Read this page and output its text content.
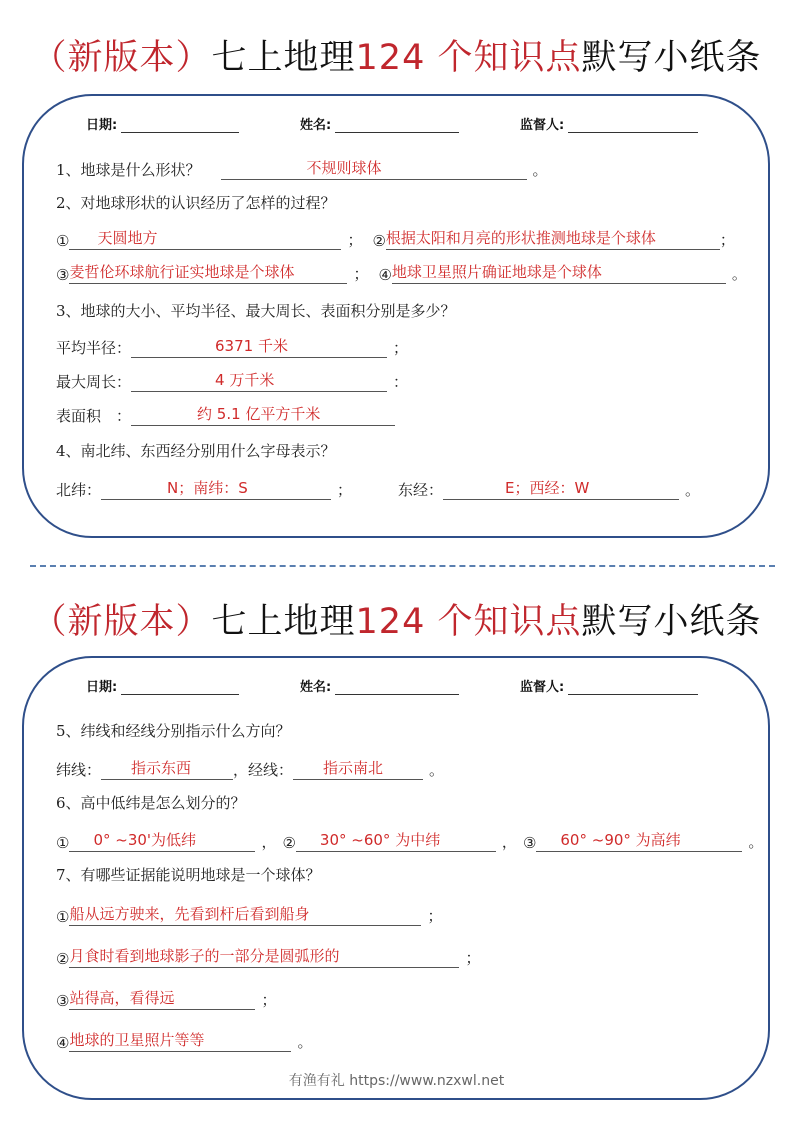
（新版本）七上地理124 个知识点默写小纸条
日期:	姓名:	监督人:
1、地球是什么形状？	不规则球体	。
2、对地球形状的认识经历了怎样的过程？
①	天圆地方	； ② 根据太阳和月亮的形状推测地球是个球体	；
③ 麦哲伦环球航行证实地球是个球体	； ④ 地球卫星照片确证地球是个球体	。
3、地球的大小、平均半径、最大周长、表面积分别是多少？
平均半径：	6371 千米	；
最大周长：	4 万千米	：
表面积　：	约 5.1 亿平方千米
4、南北纬、东西经分别用什么字母表示？
北纬：	N；南纬：S	；	东经：	E；西经：W	。
（新版本）七上地理124 个知识点默写小纸条
日期:	姓名:	监督人:
5、纬线和经线分别指示什么方向？
纬线：	指示东西	，经线：	指示南北	。
6、高中低纬是怎么划分的？
①	0° ~30'为低纬	， ②	30° ~60° 为中纬	， ③	60° ~90° 为高纬	。
7、有哪些证据能说明地球是一个球体？
① 船从远方驶来，先看到杆后看到船身	；
② 月食时看到地球影子的一部分是圆弧形的	；
③ 站得高，看得远	；
④ 地球的卫星照片等等	。
有渔有礼 https://www.nzxwl.net
